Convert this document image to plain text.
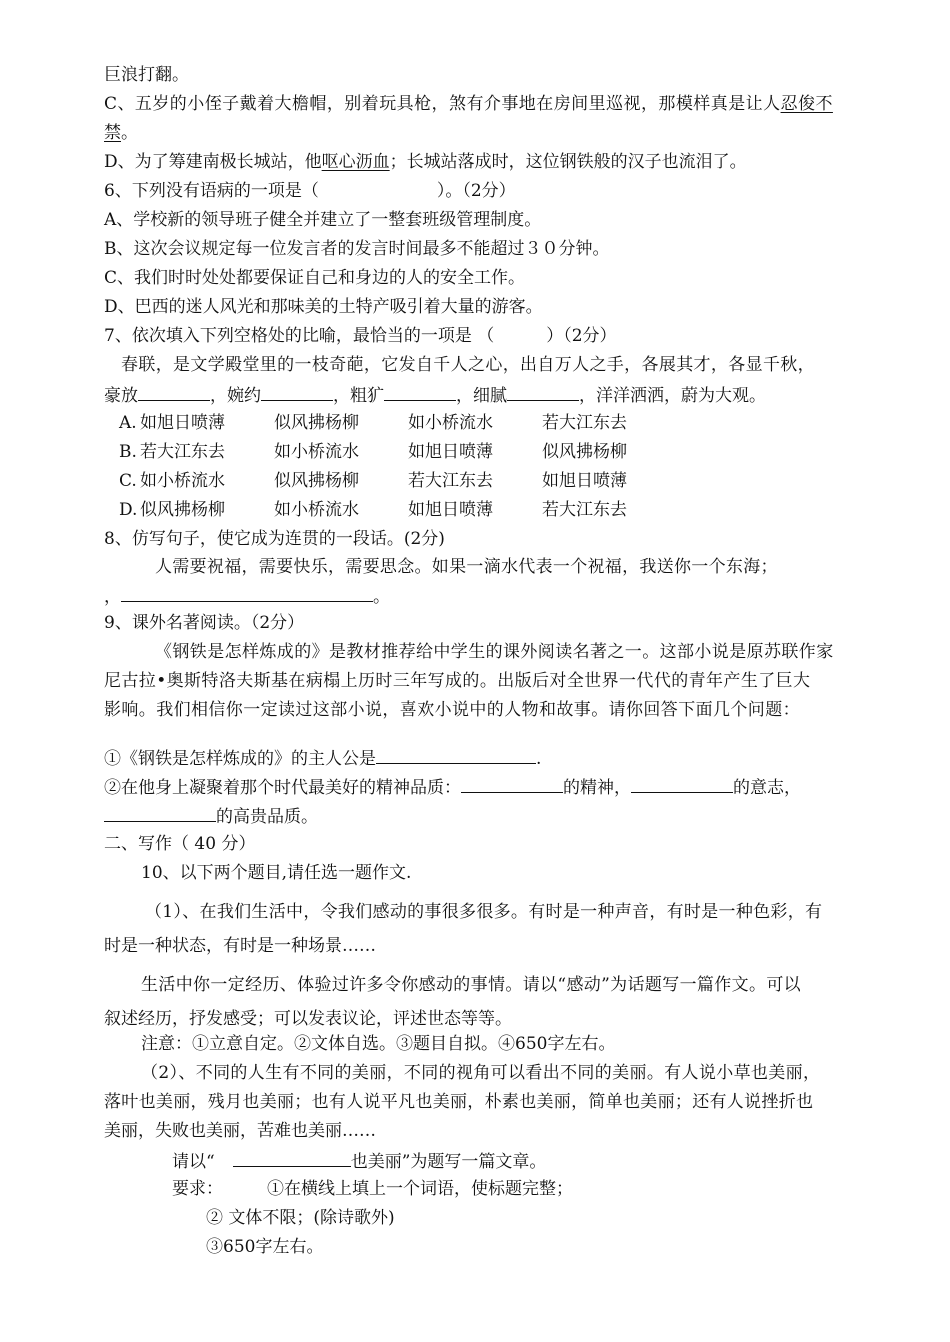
巨浪打翻。
C、五岁的小侄子戴着大檐帽，别着玩具枪，煞有介事地在房间里巡视，那模样真是让人忍俊不
禁。
D、为了筹建南极长城站，他呕心沥血；长城站落成时，这位钢铁般的汉子也流泪了。
6、下列没有语病的一项是（	）。（2分）
A、学校新的领导班子健全并建立了一整套班级管理制度。
B、这次会议规定每一位发言者的发言时间最多不能超过３０分钟。
C、我们时时处处都要保证自己和身边的人的安全工作。
D、巴西的迷人风光和那味美的土特产吸引着大量的游客。
7、依次填入下列空格处的比喻，最恰当的一项是 （	）（2分）
春联，是文学殿堂里的一枝奇葩，它发自千人之心，出自万人之手，各展其才，各显千秋，
豪放	，婉约	，粗犷	，细腻	，洋洋洒洒，蔚为大观。
A. 如旭日喷薄	似风拂杨柳	如小桥流水	若大江东去
B. 若大江东去	如小桥流水	如旭日喷薄	似风拂杨柳
C. 如小桥流水	似风拂杨柳	若大江东去	如旭日喷薄
D. 似风拂杨柳	如小桥流水	如旭日喷薄	若大江东去
8、仿写句子，使它成为连贯的一段话。(2分)
人需要祝福，需要快乐，需要思念。如果一滴水代表一个祝福，我送你一个东海；
，	。
9、课外名著阅读。（2分）
《钢铁是怎样炼成的》是教材推荐给中学生的课外阅读名著之一。这部小说是原苏联作家
尼古拉•奥斯特洛夫斯基在病榻上历时三年写成的。出版后对全世界一代代的青年产生了巨大
影响。我们相信你一定读过这部小说，喜欢小说中的人物和故事。请你回答下面几个问题：
①《钢铁是怎样炼成的》的主人公是	.
②在他身上凝聚着那个时代最美好的精神品质：	的精神，	的意志，
的高贵品质。
二、写作（ 40 分）
10、以下两个题目,请任选一题作文.
（1）、在我们生活中，令我们感动的事很多很多。有时是一种声音，有时是一种色彩，有
时是一种状态，有时是一种场景……
生活中你一定经历、体验过许多令你感动的事情。请以“感动”为话题写一篇作文。可以
叙述经历，抒发感受；可以发表议论，评述世态等等。
注意：①立意自定。②文体自选。③题目自拟。④650字左右。
（2）、不同的人生有不同的美丽，不同的视角可以看出不同的美丽。有人说小草也美丽，
落叶也美丽，残月也美丽；也有人说平凡也美丽，朴素也美丽，简单也美丽；还有人说挫折也
美丽，失败也美丽，苦难也美丽……
请以“	也美丽”为题写一篇文章。
要求：	①在横线上填上一个词语，使标题完整；
② 文体不限；(除诗歌外)
③650字左右。
